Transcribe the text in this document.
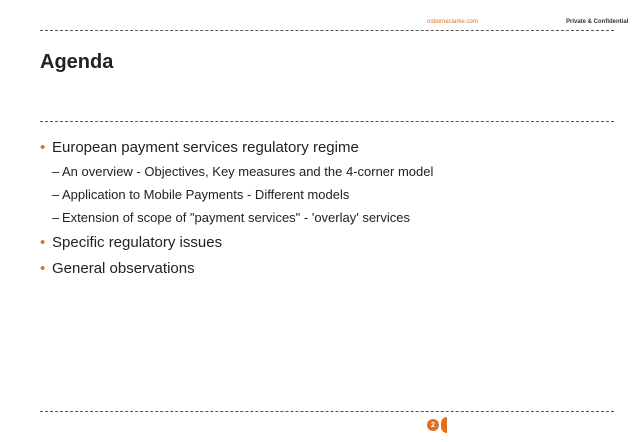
osborneclarke.com	Private & Confidential
Agenda
• European payment services regulatory regime
– An overview - Objectives, Key measures and the 4-corner model
– Application to Mobile Payments - Different models
– Extension of scope of "payment services" - 'overlay' services
• Specific regulatory issues
• General observations
2
